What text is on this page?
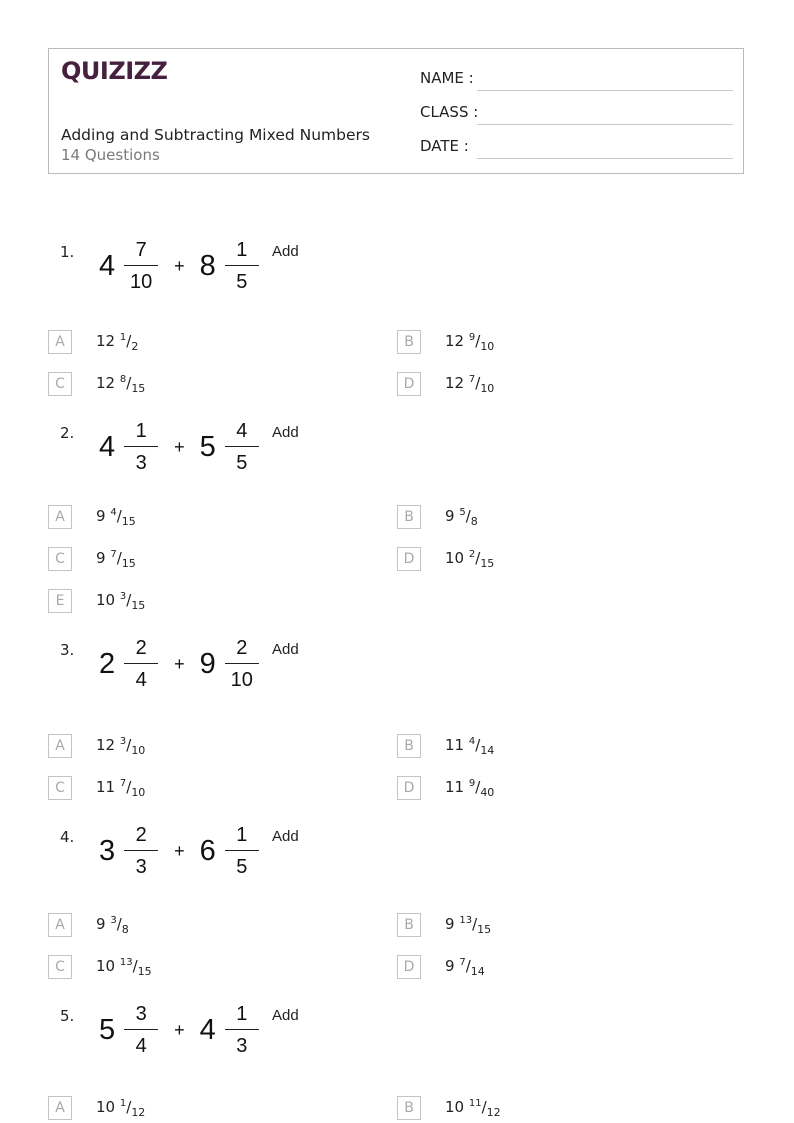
QUIZIZZ
Adding and Subtracting Mixed Numbers
14 Questions
NAME :
CLASS :
DATE :
1. $4 \frac{7}{10} + 8 \frac{1}{5}$ Add
A	12 $^1/_2$	B	12 $^9/_{10}$
C	12 $^8/_{15}$	D	12 $^7/_{10}$
2. $4 \frac{1}{3} + 5 \frac{4}{5}$ Add
A	9 $^4/_{15}$	B	9 $^5/_8$
C	9 $^7/_{15}$	D	10 $^2/_{15}$
E	10 $^3/_{15}$
3. $2 \frac{2}{4} + 9 \frac{2}{10}$ Add
A	12 $^3/_{10}$	B	11 $^4/_{14}$
C	11 $^7/_{10}$	D	11 $^9/_{40}$
4. $3 \frac{2}{3} + 6 \frac{1}{5}$ Add
A	9 $^3/_8$	B	9 $^{13}/_{15}$
C	10 $^{13}/_{15}$	D	9 $^7/_{14}$
5. $5 \frac{3}{4} + 4 \frac{1}{3}$ Add
A	10 $^1/_{12}$	B	10 $^{11}/_{12}$
